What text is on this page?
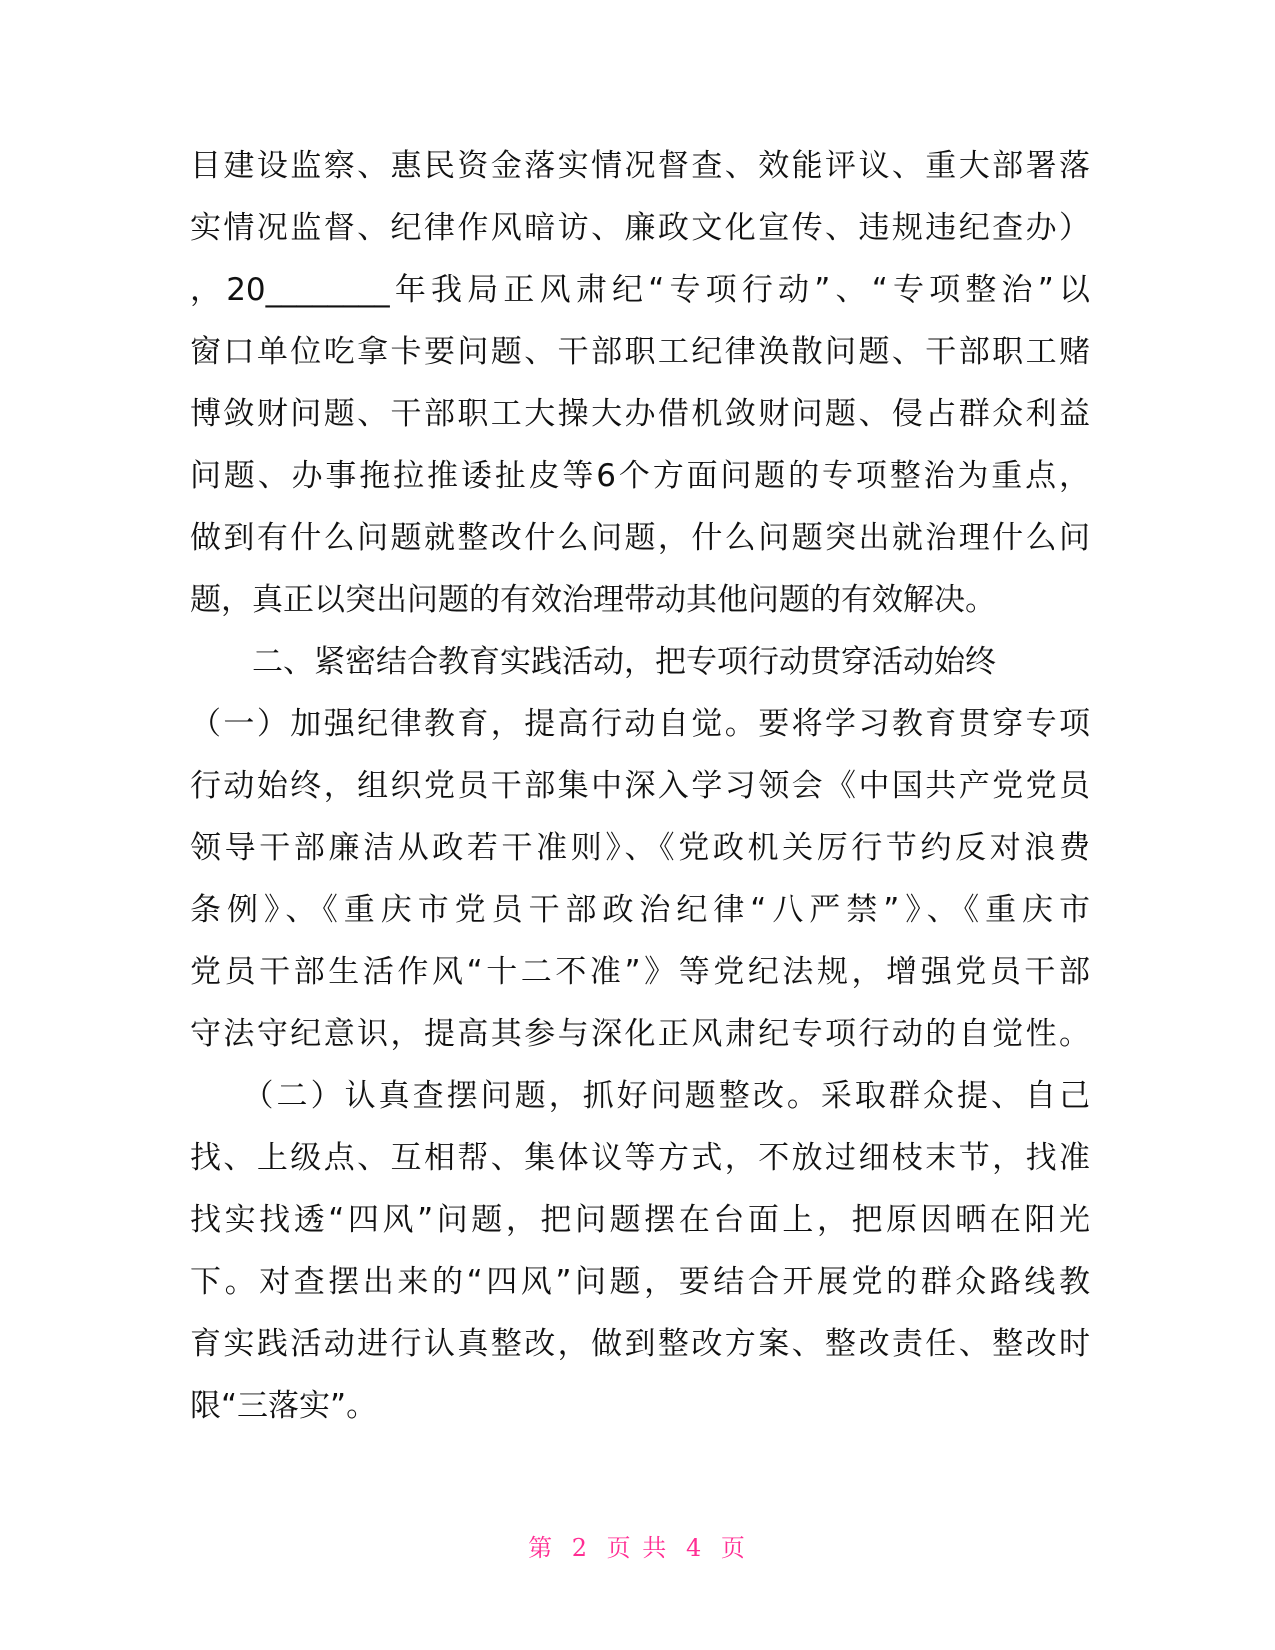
目建设监察、惠民资金落实情况督查、效能评议、重大部署落
实情况监督、纪律作风暗访、廉政文化宣传、违规违纪查办）
，20________年我局正风肃纪“专项行动”、“专项整治”以
窗口单位吃拿卡要问题、干部职工纪律涣散问题、干部职工赌
博敛财问题、干部职工大操大办借机敛财问题、侵占群众利益
问题、办事拖拉推诿扯皮等6个方面问题的专项整治为重点，
做到有什么问题就整改什么问题，什么问题突出就治理什么问
题，真正以突出问题的有效治理带动其他问题的有效解决。
　　二、紧密结合教育实践活动，把专项行动贯穿活动始终
（一）加强纪律教育，提高行动自觉。要将学习教育贯穿专项
行动始终，组织党员干部集中深入学习领会《中国共产党党员
领导干部廉洁从政若干准则》、《党政机关厉行节约反对浪费
条例》、《重庆市党员干部政治纪律“八严禁”》、《重庆市
党员干部生活作风“十二不准”》等党纪法规，增强党员干部
守法守纪意识，提高其参与深化正风肃纪专项行动的自觉性。
　　（二）认真查摆问题，抓好问题整改。采取群众提、自己
找、上级点、互相帮、集体议等方式，不放过细枝末节，找准
找实找透“四风”问题，把问题摆在台面上，把原因晒在阳光
下。对查摆出来的“四风”问题，要结合开展党的群众路线教
育实践活动进行认真整改，做到整改方案、整改责任、整改时
限“三落实”。
第 2 页 共 4 页
